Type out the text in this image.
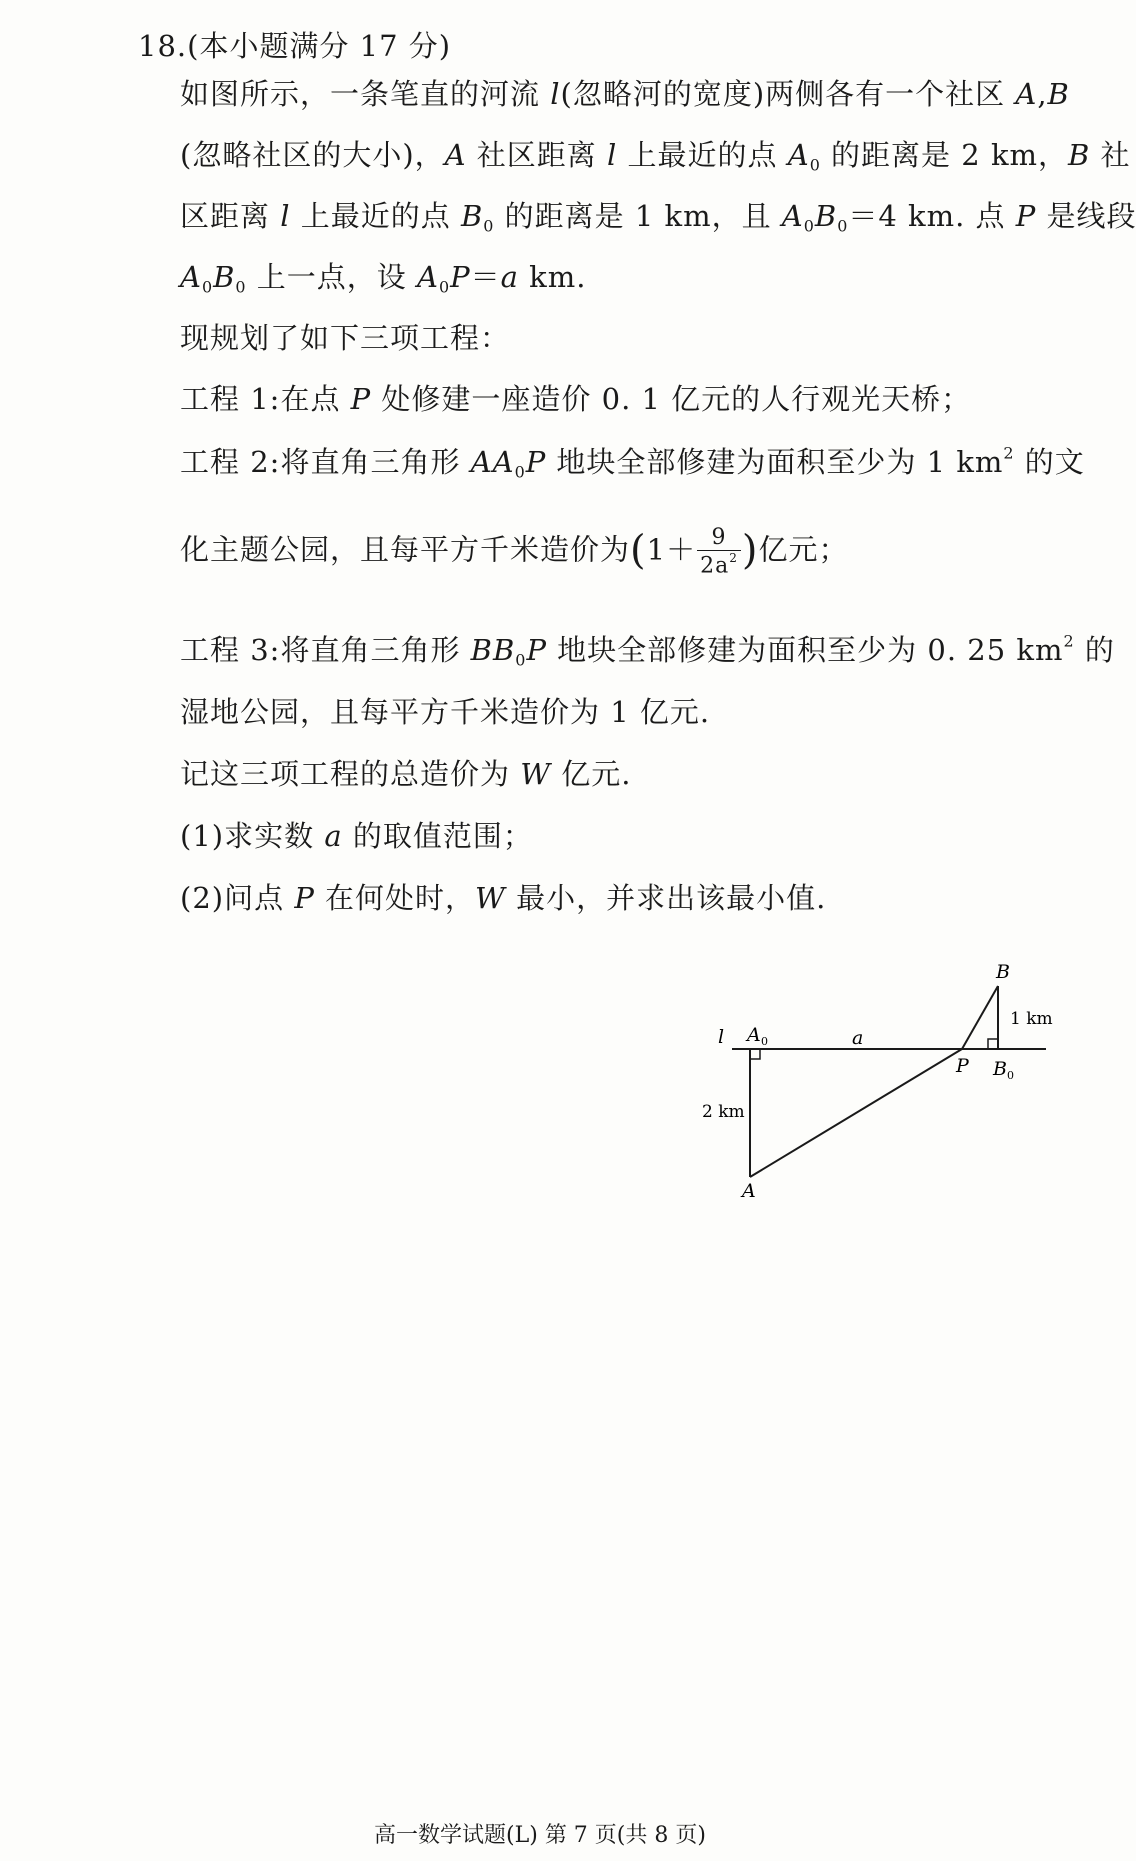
18.(本小题满分 17 分)
如图所示，一条笔直的河流 l(忽略河的宽度)两侧各有一个社区 A,B
(忽略社区的大小)，A 社区距离 l 上最近的点 $A_0$ 的距离是 2 km，B 社
区距离 l 上最近的点 $B_0$ 的距离是 1 km，且 $A_0B_0=4$ km. 点 P 是线段
$A_0B_0$ 上一点，设 $A_0P=a$ km.
现规划了如下三项工程：
工程 1:在点 P 处修建一座造价 0. 1 亿元的人行观光天桥；
工程 2:将直角三角形 $AA_0P$ 地块全部修建为面积至少为 1 $km^2$ 的文
化主题公园，且每平方千米造价为($1+ \frac{9}{2a^2}$ )亿元；
工程 3:将直角三角形 $BB_0P$ 地块全部修建为面积至少为 0. 25 $km^2$ 的
湿地公园，且每平方千米造价为 1 亿元.
记这三项工程的总造价为 W 亿元.
(1)求实数 a 的取值范围；
(2)问点 P 在何处时，W 最小，并求出该最小值.
l A 0	a
P
B
B 0
A
2 km
1 km
高一数学试题(L) 第 7 页(共 8 页)
